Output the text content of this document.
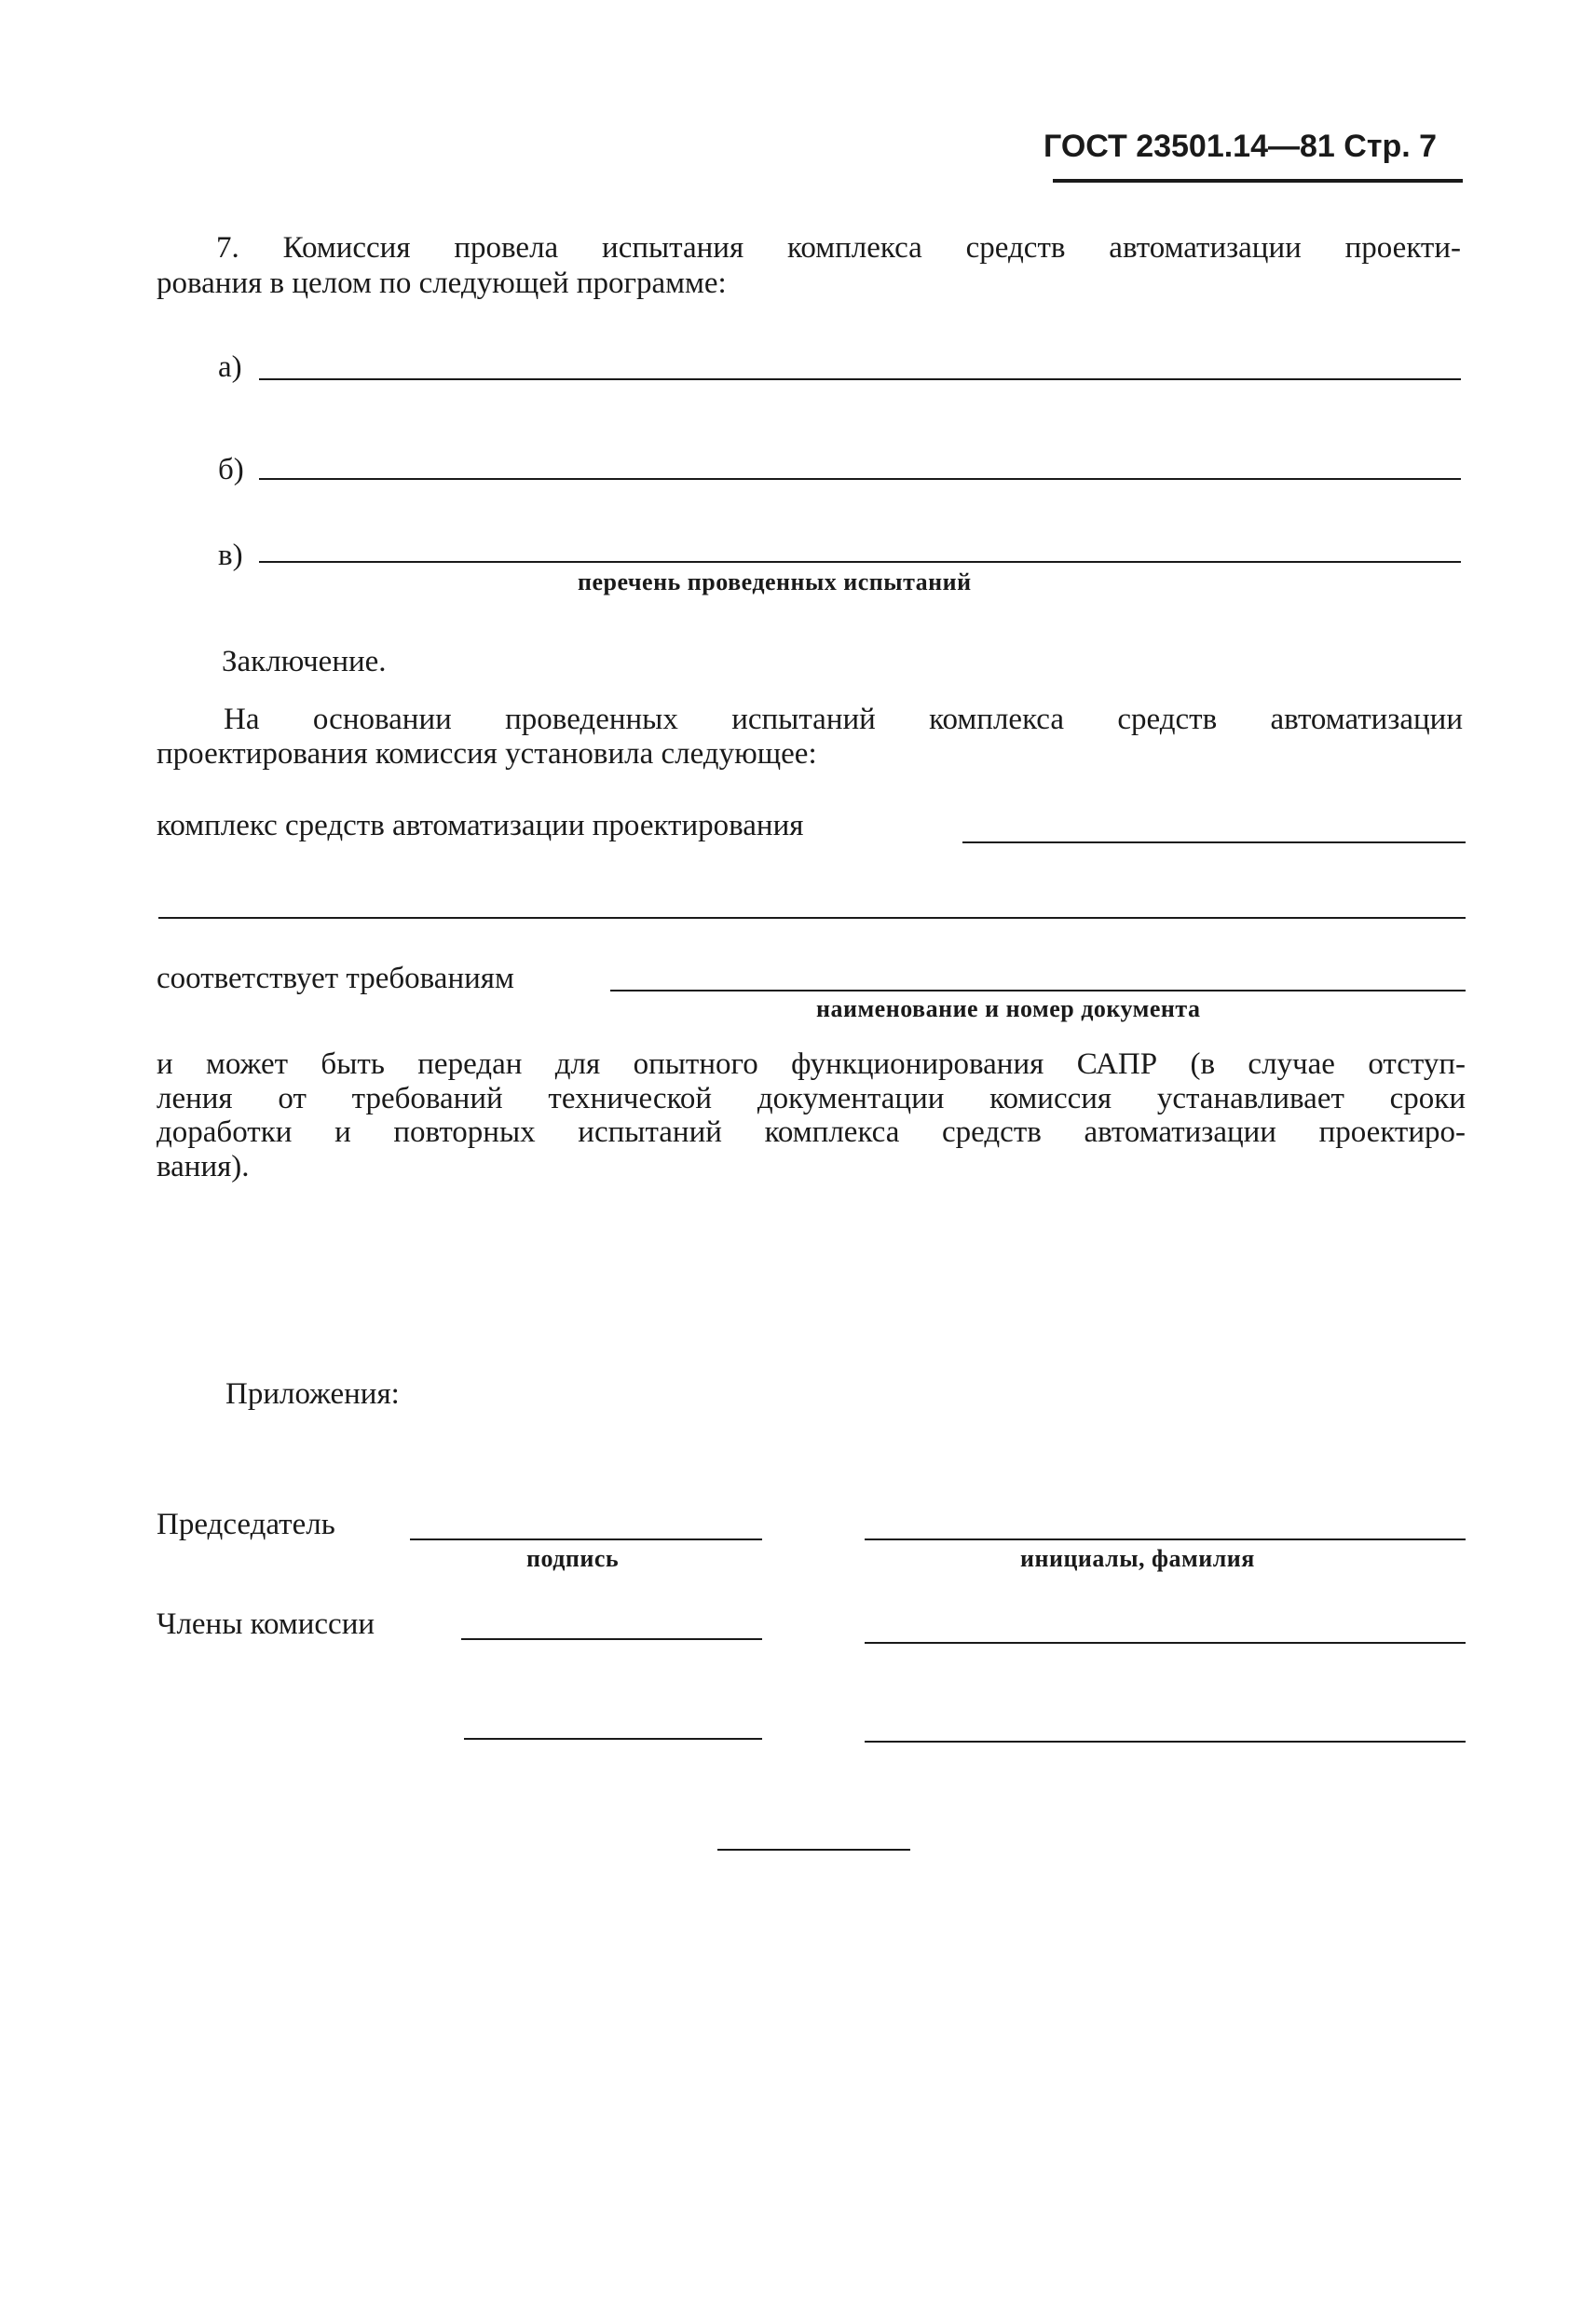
ГОСТ 23501.14—81 Стр. 7
7. Комиссия провела испытания комплекса средств автоматизации проекти-
рования в целом по следующей программе:
а)
б)
в)
перечень проведенных испытаний
Заключение.
На основании проведенных испытаний комплекса средств автоматизации
проектирования комиссия установила следующее:
комплекс средств автоматизации проектирования
соответствует требованиям
наименование и номер документа
и может быть передан для опытного функционирования САПР (в случае отступ-
ления от требований технической документации комиссия устанавливает сроки
доработки и повторных испытаний комплекса средств автоматизации проектиро-
вания).
Приложения:
Председатель
подпись	инициалы, фамилия
Члены комиссии
